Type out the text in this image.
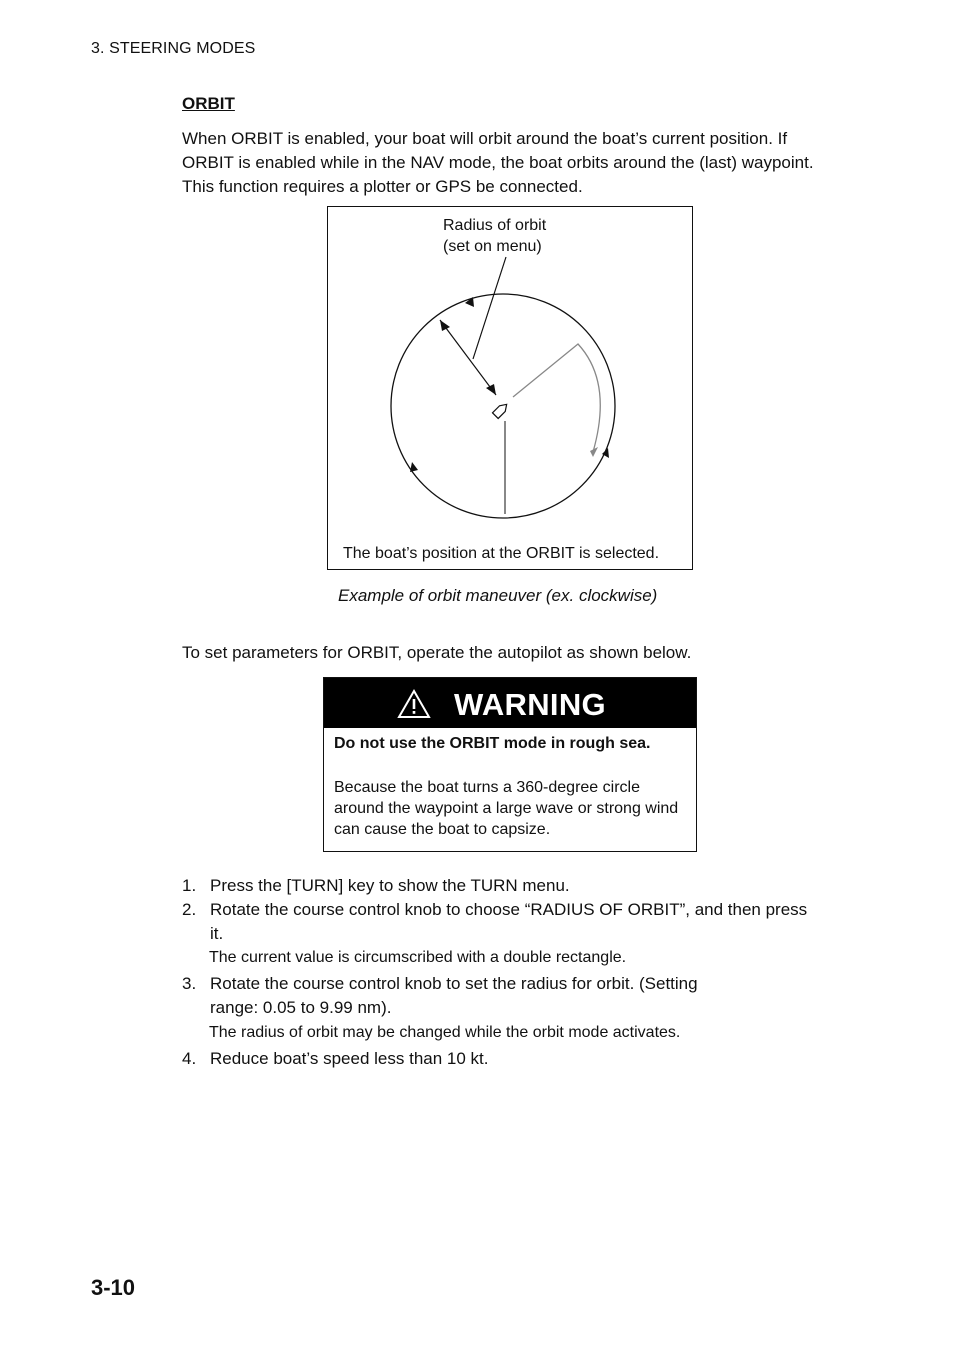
3. STEERING MODES
ORBIT
When ORBIT is enabled, your boat will orbit around the boat’s current position. If ORBIT is enabled while in the NAV mode, the boat orbits around the (last) waypoint. This function requires a plotter or GPS be connected.
Radius of orbit
(set on menu)
The boat’s position at the ORBIT is selected.
Example of orbit maneuver (ex. clockwise)
To set parameters for ORBIT, operate the autopilot as shown below.
WARNING
Do not use the ORBIT mode in rough sea.
Because the boat turns a 360-degree circle around the waypoint a large wave or strong wind can cause the boat to capsize.
1. Press the [TURN] key to show the TURN menu.
2. Rotate the course control knob to choose “RADIUS OF ORBIT”, and then press it.
The current value is circumscribed with a double rectangle.
3. Rotate the course control knob to set the radius for orbit. (Setting range: 0.05 to 9.99 nm).
The radius of orbit may be changed while the orbit mode activates.
4. Reduce boat’s speed less than 10 kt.
3-10
